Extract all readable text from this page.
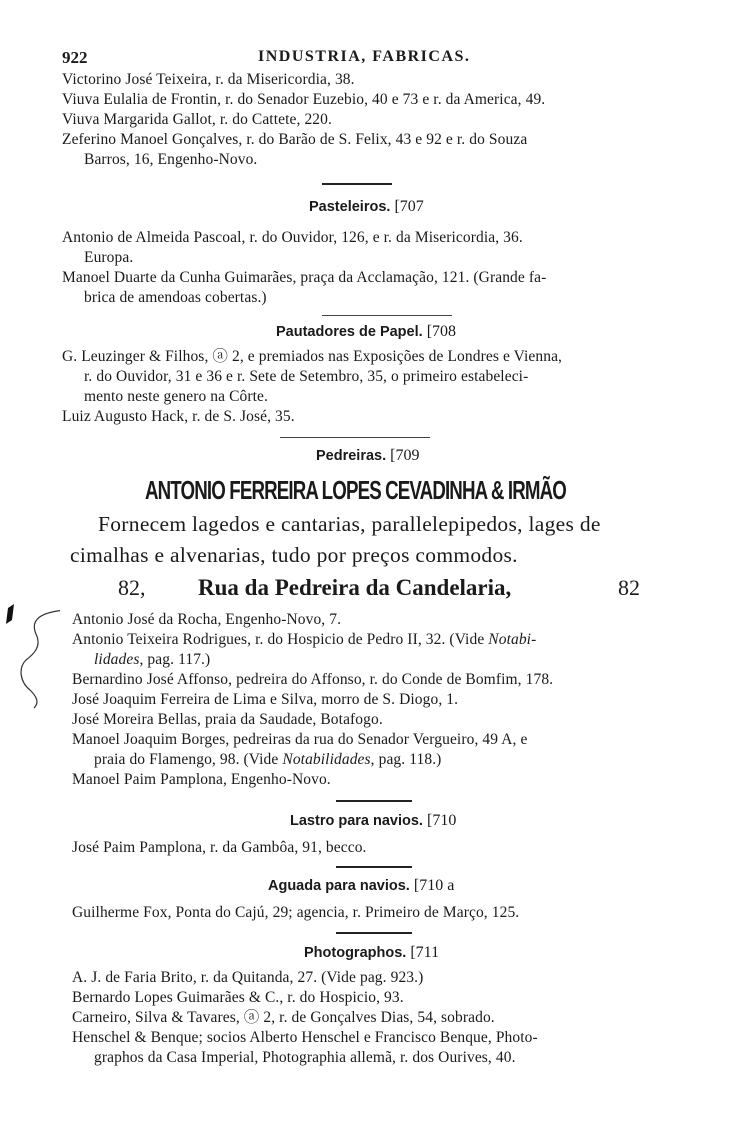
922	INDUSTRIA, FABRICAS.
Victorino José Teixeira, r. da Misericordia, 38.
Viuva Eulalia de Frontin, r. do Senador Euzebio, 40 e 73 e r. da America, 49.
Viuva Margarida Gallot, r. do Cattete, 220.
Zeferino Manoel Gonçalves, r. do Barão de S. Felix, 43 e 92 e r. do Souza
Barros, 16, Engenho-Novo.
Pasteleiros. [707
Antonio de Almeida Pascoal, r. do Ouvidor, 126, e r. da Misericordia, 36.
Europa.
Manoel Duarte da Cunha Guimarães, praça da Acclamação, 121. (Grande fa-
brica de amendoas cobertas.)
Pautadores de Papel. [708
G. Leuzinger & Filhos, ⓐ 2, e premiados nas Exposições de Londres e Vienna,
r. do Ouvidor, 31 e 36 e r. Sete de Setembro, 35, o primeiro estabeleci-
mento neste genero na Côrte.
Luiz Augusto Hack, r. de S. José, 35.
Pedreiras. [709
ANTONIO FERREIRA LOPES CEVADINHA & IRMÃO
Fornecem lagedos e cantarias, parallelepipedos, lages de
cimalhas e alvenarias, tudo por preços commodos.
82, Rua da Pedreira da Candelaria,	82
Antonio José da Rocha, Engenho-Novo, 7.
Antonio Teixeira Rodrigues, r. do Hospicio de Pedro II, 32. (Vide Notabi-
lidades, pag. 117.)
Bernardino José Affonso, pedreira do Affonso, r. do Conde de Bomfim, 178.
José Joaquim Ferreira de Lima e Silva, morro de S. Diogo, 1.
José Moreira Bellas, praia da Saudade, Botafogo.
Manoel Joaquim Borges, pedreiras da rua do Senador Vergueiro, 49 A, e
praia do Flamengo, 98. (Vide Notabilidades, pag. 118.)
Manoel Paim Pamplona, Engenho-Novo.
Lastro para navios. [710
José Paim Pamplona, r. da Gambôa, 91, becco.
Aguada para navios. [710 a
Guilherme Fox, Ponta do Cajú, 29; agencia, r. Primeiro de Março, 125.
Photographos. [711
A. J. de Faria Brito, r. da Quitanda, 27. (Vide pag. 923.)
Bernardo Lopes Guimarães & C., r. do Hospicio, 93.
Carneiro, Silva & Tavares, ⓐ 2, r. de Gonçalves Dias, 54, sobrado.
Henschel & Benque; socios Alberto Henschel e Francisco Benque, Photo-
graphos da Casa Imperial, Photographia allemã, r. dos Ourives, 40.
